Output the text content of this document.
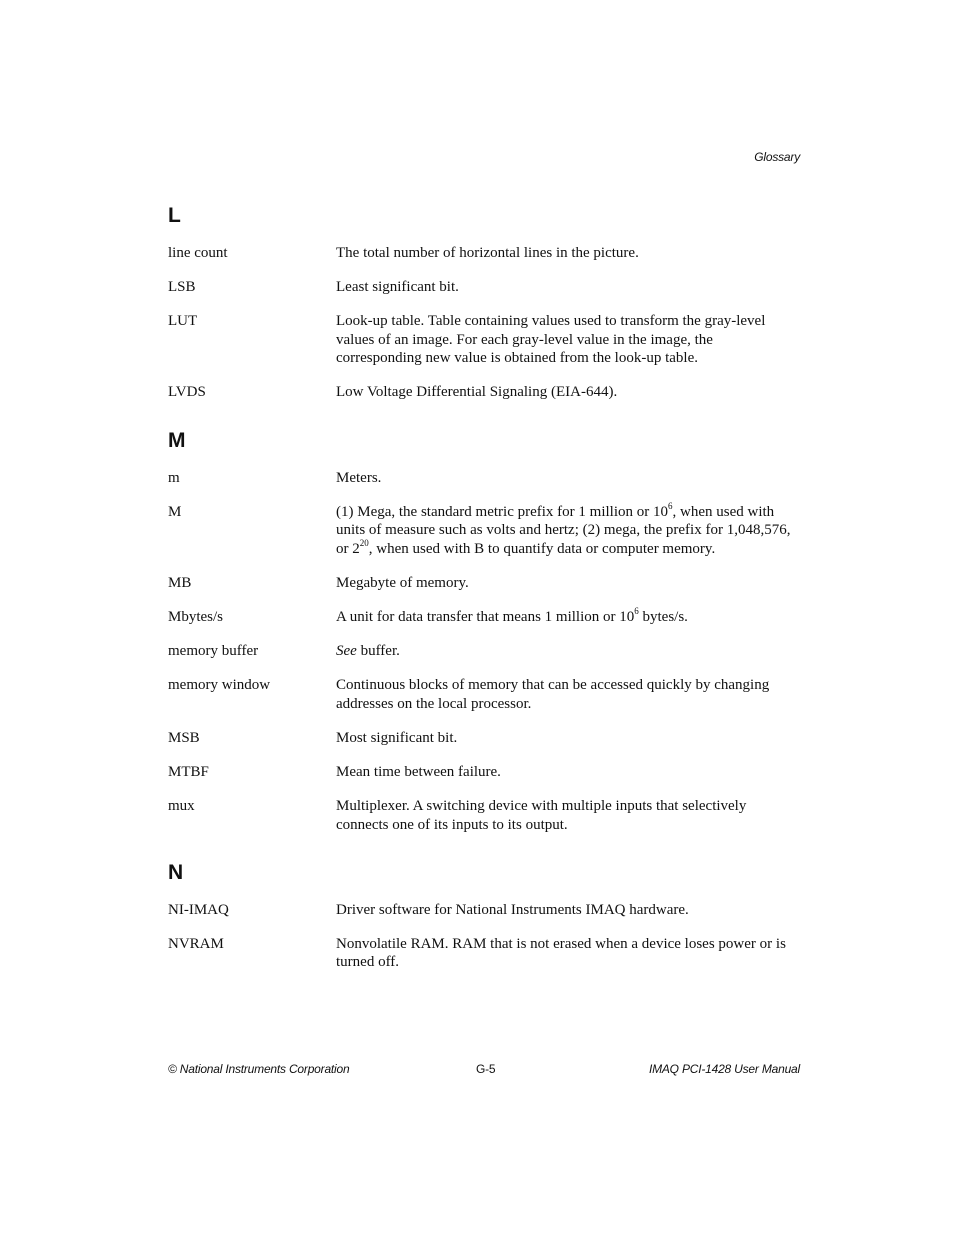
Glossary
L
line count	The total number of horizontal lines in the picture.
LSB	Least significant bit.
LUT	Look-up table. Table containing values used to transform the gray-level values of an image. For each gray-level value in the image, the corresponding new value is obtained from the look-up table.
LVDS	Low Voltage Differential Signaling (EIA-644).
M
m	Meters.
M	(1) Mega, the standard metric prefix for 1 million or $10^6$, when used with units of measure such as volts and hertz; (2) mega, the prefix for 1,048,576, or $2^{20}$, when used with B to quantify data or computer memory.
MB	Megabyte of memory.
Mbytes/s	A unit for data transfer that means 1 million or $10^6$ bytes/s.
memory buffer	See buffer.
memory window	Continuous blocks of memory that can be accessed quickly by changing addresses on the local processor.
MSB	Most significant bit.
MTBF	Mean time between failure.
mux	Multiplexer. A switching device with multiple inputs that selectively connects one of its inputs to its output.
N
NI-IMAQ	Driver software for National Instruments IMAQ hardware.
NVRAM	Nonvolatile RAM. RAM that is not erased when a device loses power or is turned off.
© National Instruments Corporation	G-5	IMAQ PCI-1428 User Manual
